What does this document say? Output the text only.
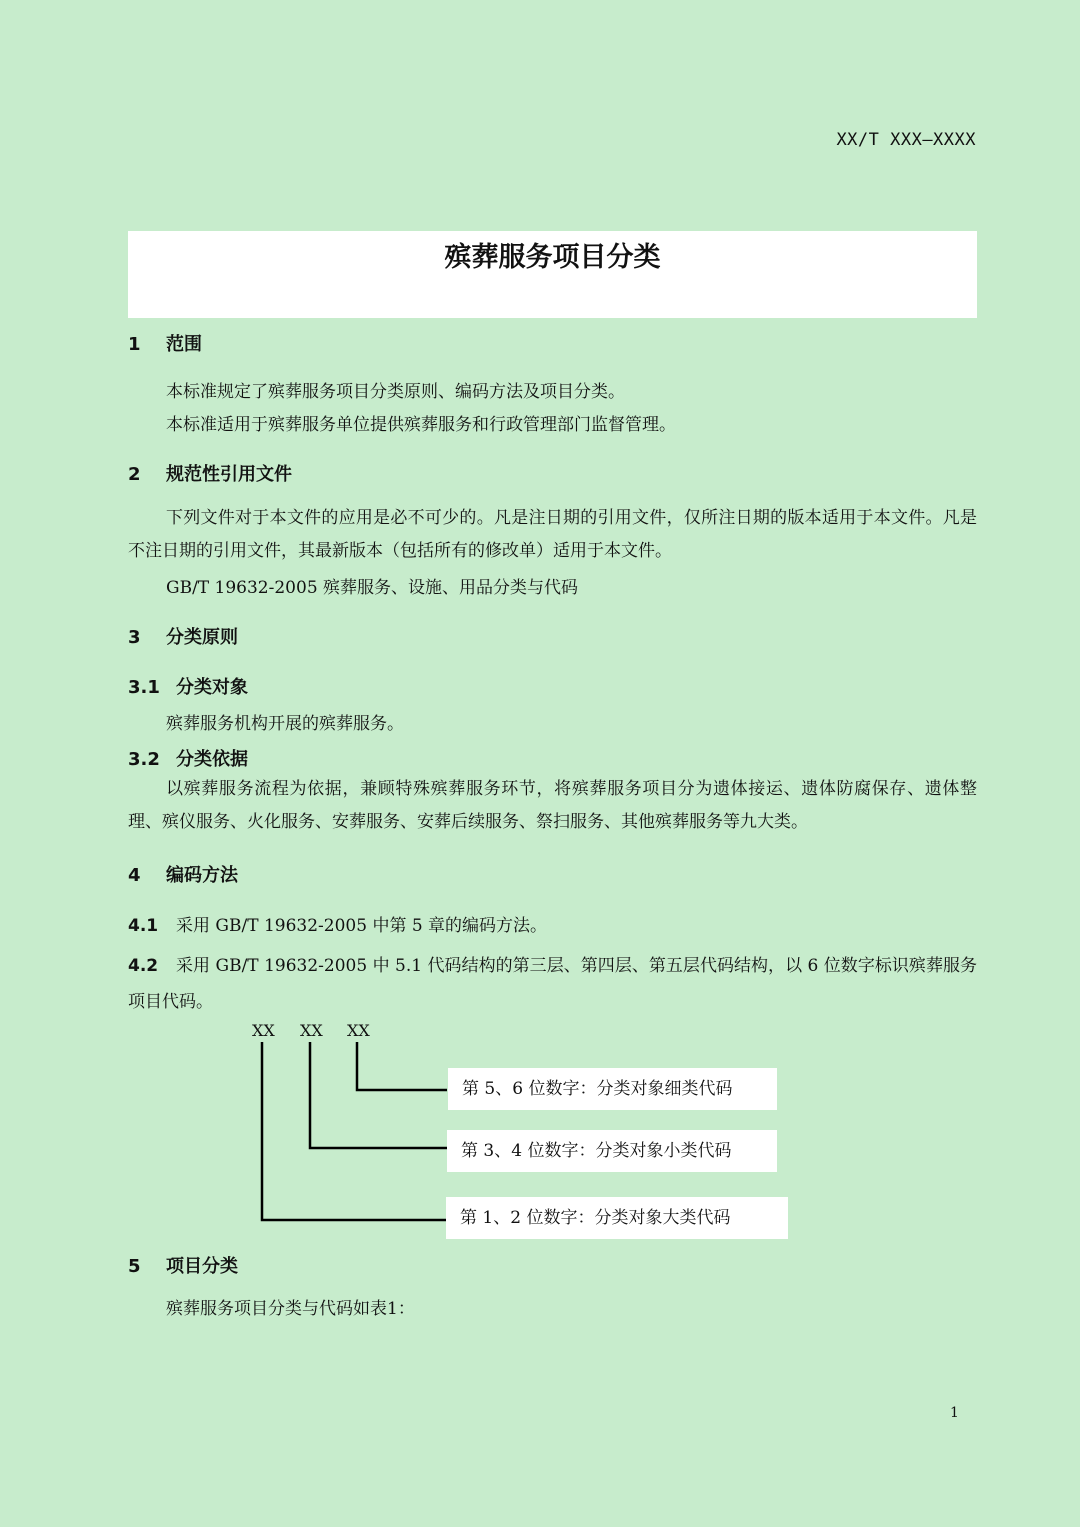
XX/T XXX—XXXX
殡葬服务项目分类
1 范围
本标准规定了殡葬服务项目分类原则、编码方法及项目分类。
本标准适用于殡葬服务单位提供殡葬服务和行政管理部门监督管理。
2 规范性引用文件
下列文件对于本文件的应用是必不可少的。凡是注日期的引用文件，仅所注日期的版本适用于本文件。凡是不注日期的引用文件，其最新版本（包括所有的修改单）适用于本文件。
GB/T 19632-2005 殡葬服务、设施、用品分类与代码
3 分类原则
3.1 分类对象
殡葬服务机构开展的殡葬服务。
3.2 分类依据
以殡葬服务流程为依据，兼顾特殊殡葬服务环节，将殡葬服务项目分为遗体接运、遗体防腐保存、遗体整理、殡仪服务、火化服务、安葬服务、安葬后续服务、祭扫服务、其他殡葬服务等九大类。
4 编码方法
4.1 采用 GB/T 19632-2005 中第 5 章的编码方法。
4.2 采用 GB/T 19632-2005 中 5.1 代码结构的第三层、第四层、第五层代码结构，以 6 位数字标识殡葬服务项目代码。
XX XX XX
第 5、6 位数字：分类对象细类代码
第 3、4 位数字：分类对象小类代码
第 1、2 位数字：分类对象大类代码
5 项目分类
殡葬服务项目分类与代码如表1：
1
